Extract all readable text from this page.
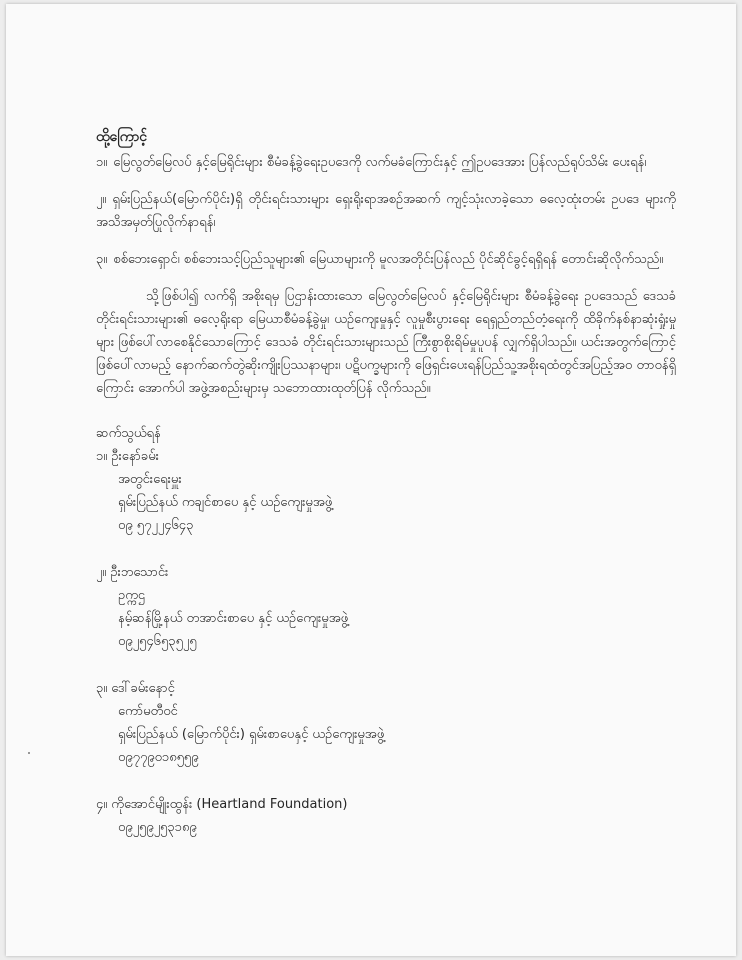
ထို့ကြောင့်
၁။ မြေလွတ်မြေလပ် နှင့်မြေရိုင်းများ စီမံခန့်ခွဲရေးဥပဒေကို လက်မခံကြောင်းနှင့် ဤဥပဒေအား ပြန်လည်ရုပ်သိမ်း ပေးရန်၊
၂။ ရှမ်းပြည်နယ်(မြောက်ပိုင်း)ရှိ တိုင်းရင်းသားများ ရှေးရိုးရာအစဉ်အဆက် ကျင့်သုံးလာခဲ့သော ဓလေ့ထုံးတမ်း ဥပဒေ များကိုအသိအမှတ်ပြုလိုက်နာရန်၊
၃။ စစ်ဘေးရှောင်၊ စစ်ဘေးသင့်ပြည်သူများ၏ မြေယာများကို မူလအတိုင်းပြန်လည် ပိုင်ဆိုင်ခွင့်ရရှိရန် တောင်းဆိုလိုက်သည်။
သို့ဖြစ်ပါ၍ လက်ရှိ အစိုးရမှ ပြဌာန်းထားသော မြေလွတ်မြေလပ် နှင့်မြေရိုင်းများ စီမံခန့်ခွဲရေး ဥပဒေသည် ဒေသခံတိုင်းရင်းသားများ၏ ဓလေ့ရိုးရာ မြေယာစီမံခန့်ခွဲမှု၊ ယဉ်ကျေးမှုနှင့် လူမှုစီးပွားရေး ရေရှည်တည်တံ့ရေးကို ထိခိုက်နစ်နာဆုံးရှုံးမှုများ ဖြစ်ပေါ်လာစေနိုင်သောကြောင့် ဒေသခံ တိုင်းရင်းသားများသည် ကြီးစွာစိုးရိမ်မှုပူပန် လျှက်ရှိပါသည်။ ယင်းအတွက်ကြောင့် ဖြစ်ပေါ်လာမည့် နောက်ဆက်တွဲဆိုးကျိုးပြဿနာများ၊ ပဋိပက္ခများကို ဖြေရှင်းပေးရန်ပြည်သူ့အစိုးရထံတွင်အပြည့်အဝ တာဝန်ရှိကြောင်း အောက်ပါ အဖွဲ့အစည်းများမှ သဘောထားထုတ်ပြန် လိုက်သည်။
ဆက်သွယ်ရန်
၁။ ဦးနော်ခမ်း
အတွင်းရေးမှူး
ရှမ်းပြည်နယ် ကချင်စာပေ နှင့် ယဉ်ကျေးမှုအဖွဲ့
၀၉ ၅၇၂၂၄၆၄၃
၂။ ဦးဘသောင်း
ဥက္ကဌ
နမ့်ဆန်မြို့နယ် တအာင်းစာပေ နှင့် ယဉ်ကျေးမှုအဖွဲ့
၀၉၂၅၄၆၅၃၅၂၅
၃။ ဒေါ်ခမ်းနောင့်
ကော်မတီဝင်
ရှမ်းပြည်နယ် (မြောက်ပိုင်း) ရှမ်းစာပေနှင့် ယဉ်ကျေးမှုအဖွဲ့
၀၉၇၇၉၀၁၈၅၅၉
၄။ ကိုအောင်မျိုးထွန်း (Heartland Foundation)
၀၉၂၅၉၂၅၃၁၈၉
